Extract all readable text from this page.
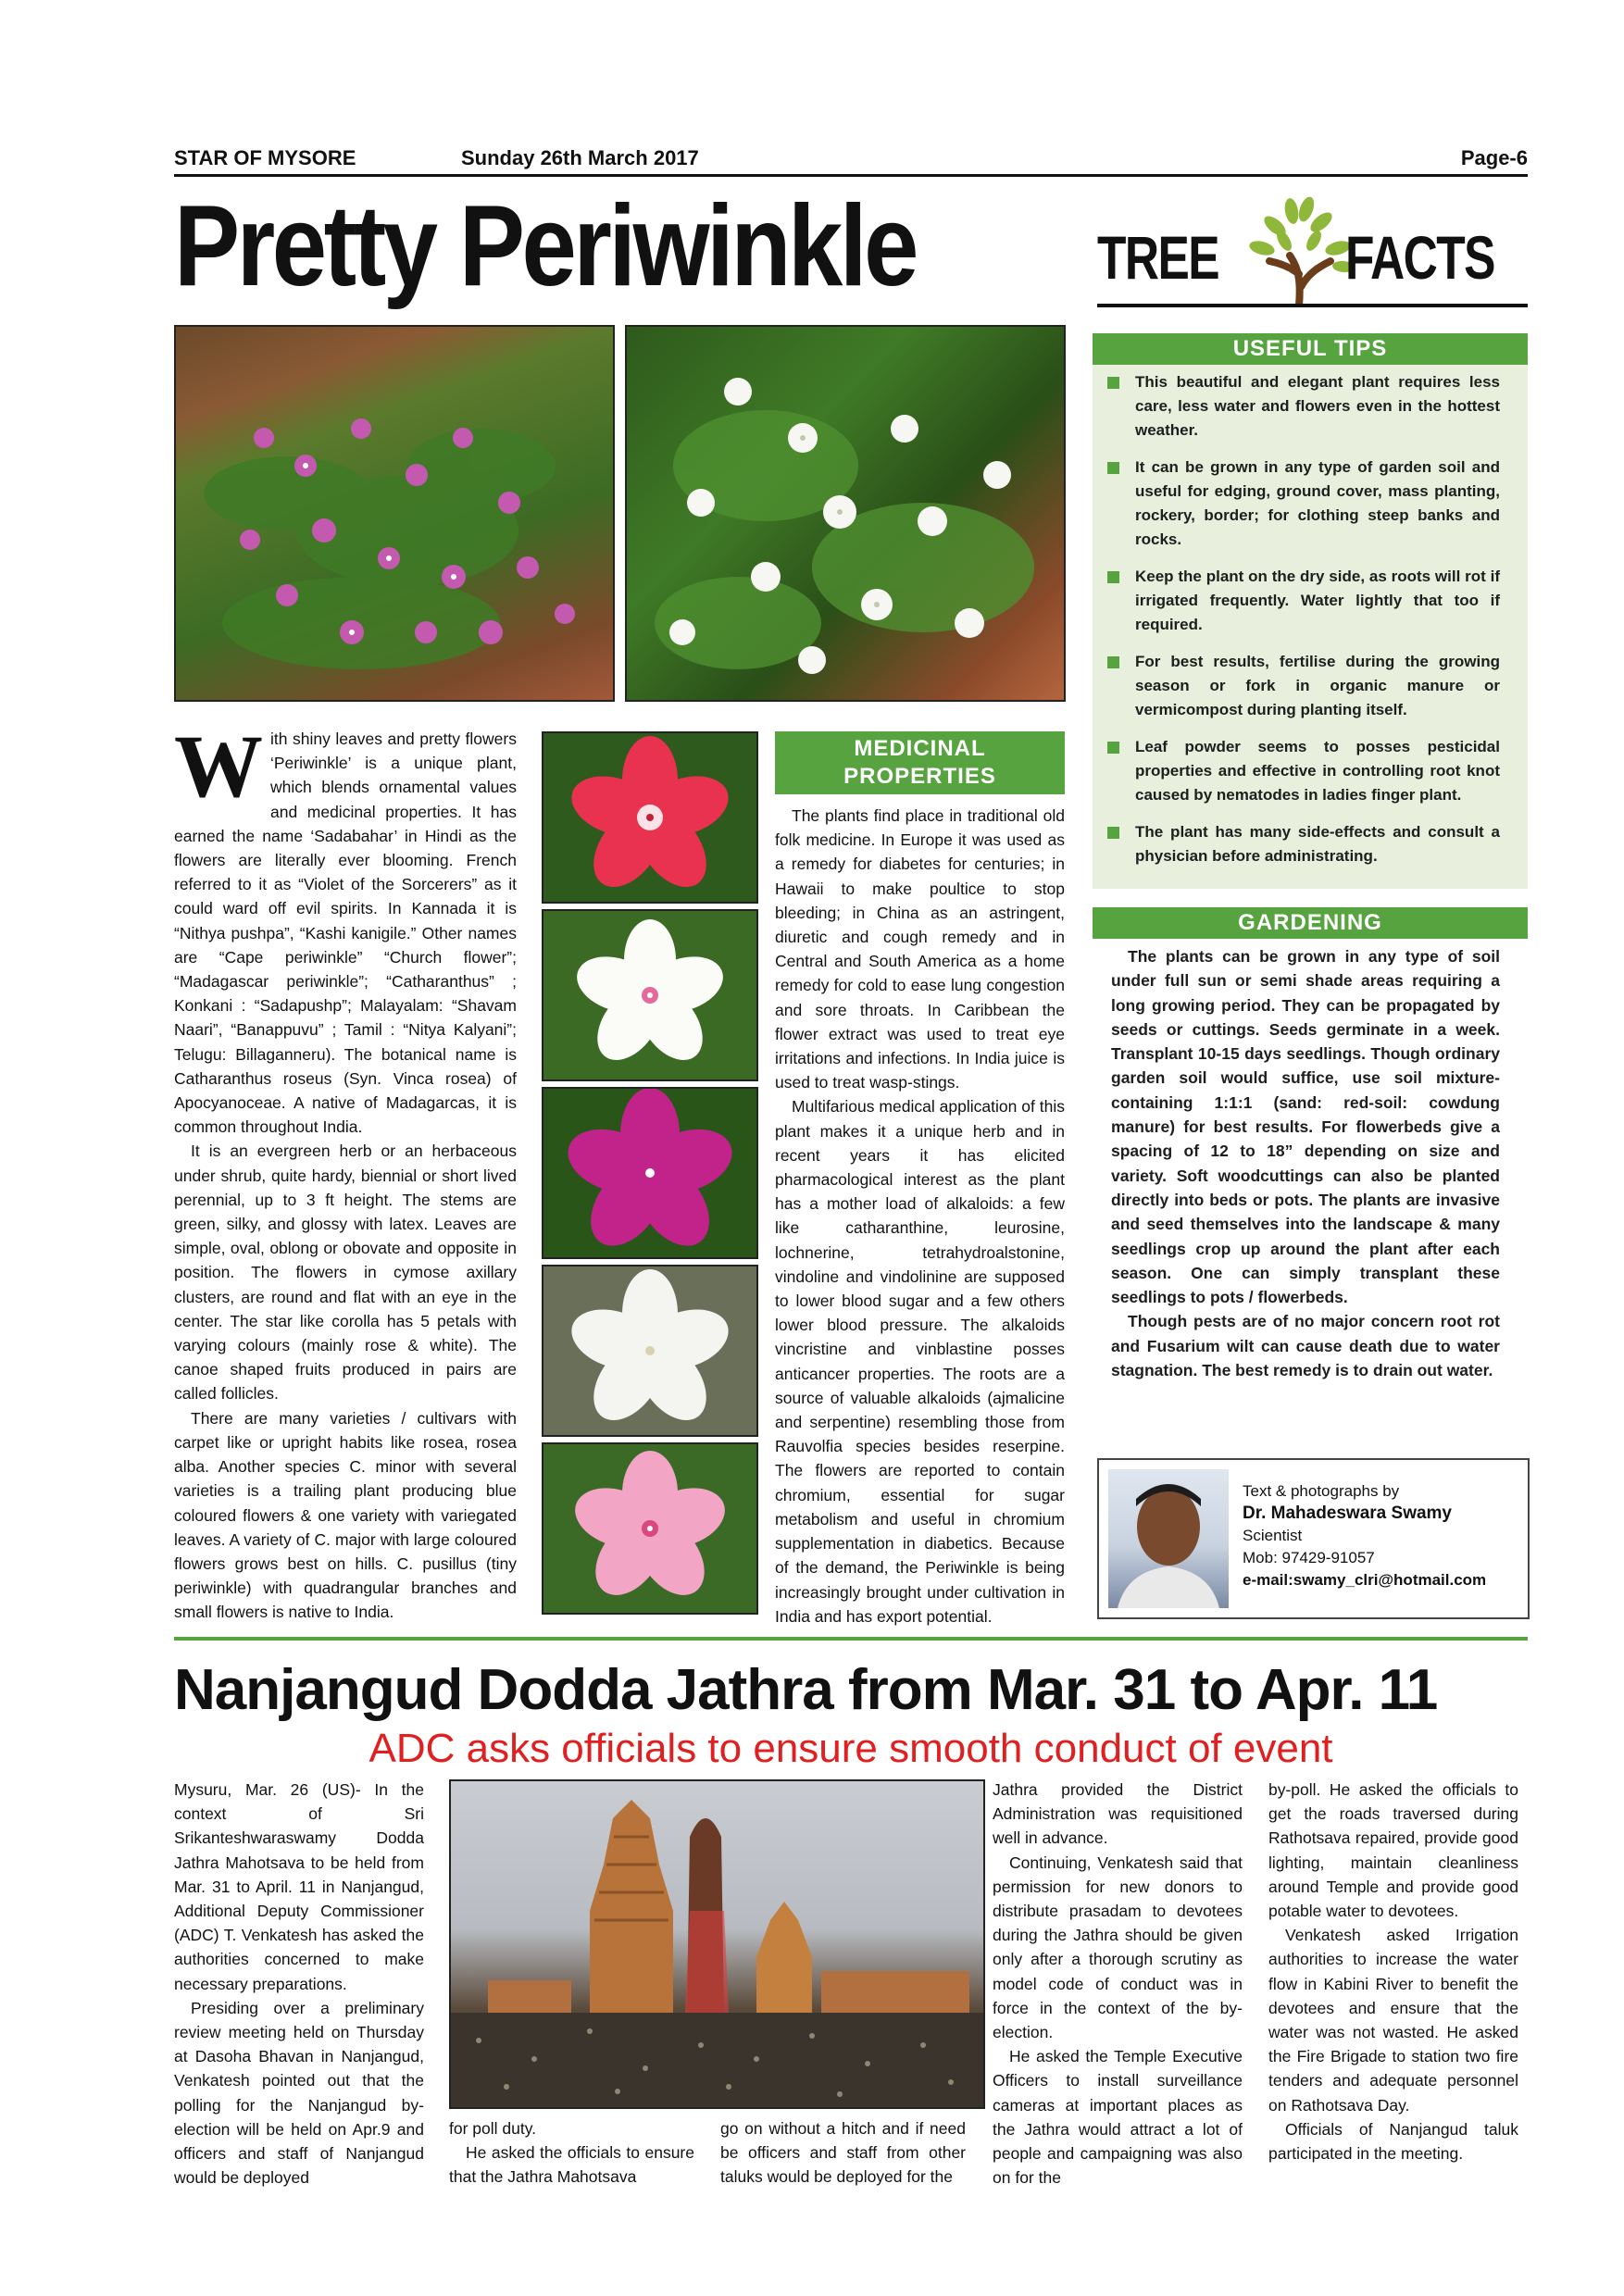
STAR OF MYSORE	Sunday 26th March 2017	Page-6
Pretty Periwinkle	TREE FACTS

With shiny leaves and pretty flowers ‘Periwinkle’ is a unique plant, which blends ornamental values and medicinal properties. It has earned the name ‘Sadabahar’ in Hindi as the flowers are literally ever blooming. French referred to it as “Violet of the Sorcerers” as it could ward off evil spirits. In Kannada it is “Nithya pushpa”, “Kashi kanigile.” Other names are “Cape periwinkle” “Church flower”; “Madagascar periwinkle”; “Catharanthus” ; Konkani : “Sadapushp”; Malayalam: “Shavam Naari”, “Banappuvu” ; Tamil : “Nitya Kalyani”; Telugu: Billaganneru). The botanical name is Catharanthus roseus (Syn. Vinca rosea) of Apocyanoceae. A native of Madagarcas, it is common throughout India.

It is an evergreen herb or an herbaceous under shrub, quite hardy, biennial or short lived perennial, up to 3 ft height. The stems are green, silky, and glossy with latex. Leaves are simple, oval, oblong or obovate and opposite in position. The flowers in cymose axillary clusters, are round and flat with an eye in the center. The star like corolla has 5 petals with varying colours (mainly rose & white). The canoe shaped fruits produced in pairs are called follicles.

There are many varieties / cultivars with carpet like or upright habits like rosea, rosea alba. Another species C. minor with several varieties is a trailing plant producing blue coloured flowers & one variety with variegated leaves. A variety of C. major with large coloured flowers grows best on hills. C. pusillus (tiny periwinkle) with quadrangular branches and small flowers is native to India.

MEDICINAL
PROPERTIES

The plants find place in traditional old folk medicine. In Europe it was used as a remedy for diabetes for centuries; in Hawaii to make poultice to stop bleeding; in China as an astringent, diuretic and cough remedy and in Central and South America as a home remedy for cold to ease lung congestion and sore throats. In Caribbean the flower extract was used to treat eye irritations and infections. In India juice is used to treat wasp-stings.

Multifarious medical application of this plant makes it a unique herb and in recent years it has elicited pharmacological interest as the plant has a mother load of alkaloids: a few like catharanthine, leurosine, lochnerine, tetrahydroalstonine, vindoline and vindolinine are supposed to lower blood sugar and a few others lower blood pressure. The alkaloids vincristine and vinblastine posses anticancer properties. The roots are a source of valuable alkaloids (ajmalicine and serpentine) resembling those from Rauvolfia species besides reserpine. The flowers are reported to contain chromium, essential for sugar metabolism and useful in chromium supplementation in diabetics. Because of the demand, the Periwinkle is being increasingly brought under cultivation in India and has export potential.

USEFUL TIPS
This beautiful and elegant plant requires less care, less water and flowers even in the hottest weather.
It can be grown in any type of garden soil and useful for edging, ground cover, mass planting, rockery, border; for clothing steep banks and rocks.
Keep the plant on the dry side, as roots will rot if irrigated frequently. Water lightly that too if required.
For best results, fertilise during the growing season or fork in organic manure or vermicompost during planting itself.
Leaf powder seems to posses pesticidal properties and effective in controlling root knot caused by nematodes in ladies finger plant.
The plant has many side-effects and consult a physician before administrating.
GARDENING

The plants can be grown in any type of soil under full sun or semi shade areas requiring a long growing period. They can be propagated by seeds or cuttings. Seeds germinate in a week. Transplant 10-15 days seedlings. Though ordinary garden soil would suffice, use soil mixture-containing 1:1:1 (sand: red-soil: cowdung manure) for best results. For flowerbeds give a spacing of 12 to 18” depending on size and variety. Soft woodcuttings can also be planted directly into beds or pots. The plants are invasive and seed themselves into the landscape & many seedlings crop up around the plant after each season. One can simply transplant these seedlings to pots / flowerbeds.

Though pests are of no major concern root rot and Fusarium wilt can cause death due to water stagnation. The best remedy is to drain out water.

Text & photographs by
Dr. Mahadeswara Swamy
Scientist
Mob: 97429-91057
e-mail:swamy_clri@hotmail.com
Nanjangud Dodda Jathra from Mar. 31 to Apr. 11
ADC asks officials to ensure smooth conduct of event

Mysuru, Mar. 26 (US)- In the context of Sri Srikanteshwaraswamy Dodda Jathra Mahotsava to be held from Mar. 31 to April. 11 in Nanjangud, Additional Deputy Commissioner (ADC) T. Venkatesh has asked the authorities concerned to make necessary preparations.

Presiding over a preliminary review meeting held on Thursday at Dasoha Bhavan in Nanjangud, Venkatesh pointed out that the polling for the Nanjangud by-election will be held on Apr.9 and officers and staff of Nanjangud would be deployed

for poll duty.

He asked the officials to ensure that the Jathra Mahotsava

go on without a hitch and if need be officers and staff from other taluks would be deployed for the

Jathra provided the District Administration was requisitioned well in advance.

Continuing, Venkatesh said that permission for new donors to distribute prasadam to devotees during the Jathra should be given only after a thorough scrutiny as model code of conduct was in force in the context of the by-election.

He asked the Temple Executive Officers to install surveillance cameras at important places as the Jathra would attract a lot of people and campaigning was also on for the

by-poll. He asked the officials to get the roads traversed during Rathotsava repaired, provide good lighting, maintain cleanliness around Temple and provide good potable water to devotees.

Venkatesh asked Irrigation authorities to increase the water flow in Kabini River to benefit the devotees and ensure that the water was not wasted. He asked the Fire Brigade to station two fire tenders and adequate personnel on Rathotsava Day.

Officials of Nanjangud taluk participated in the meeting.
